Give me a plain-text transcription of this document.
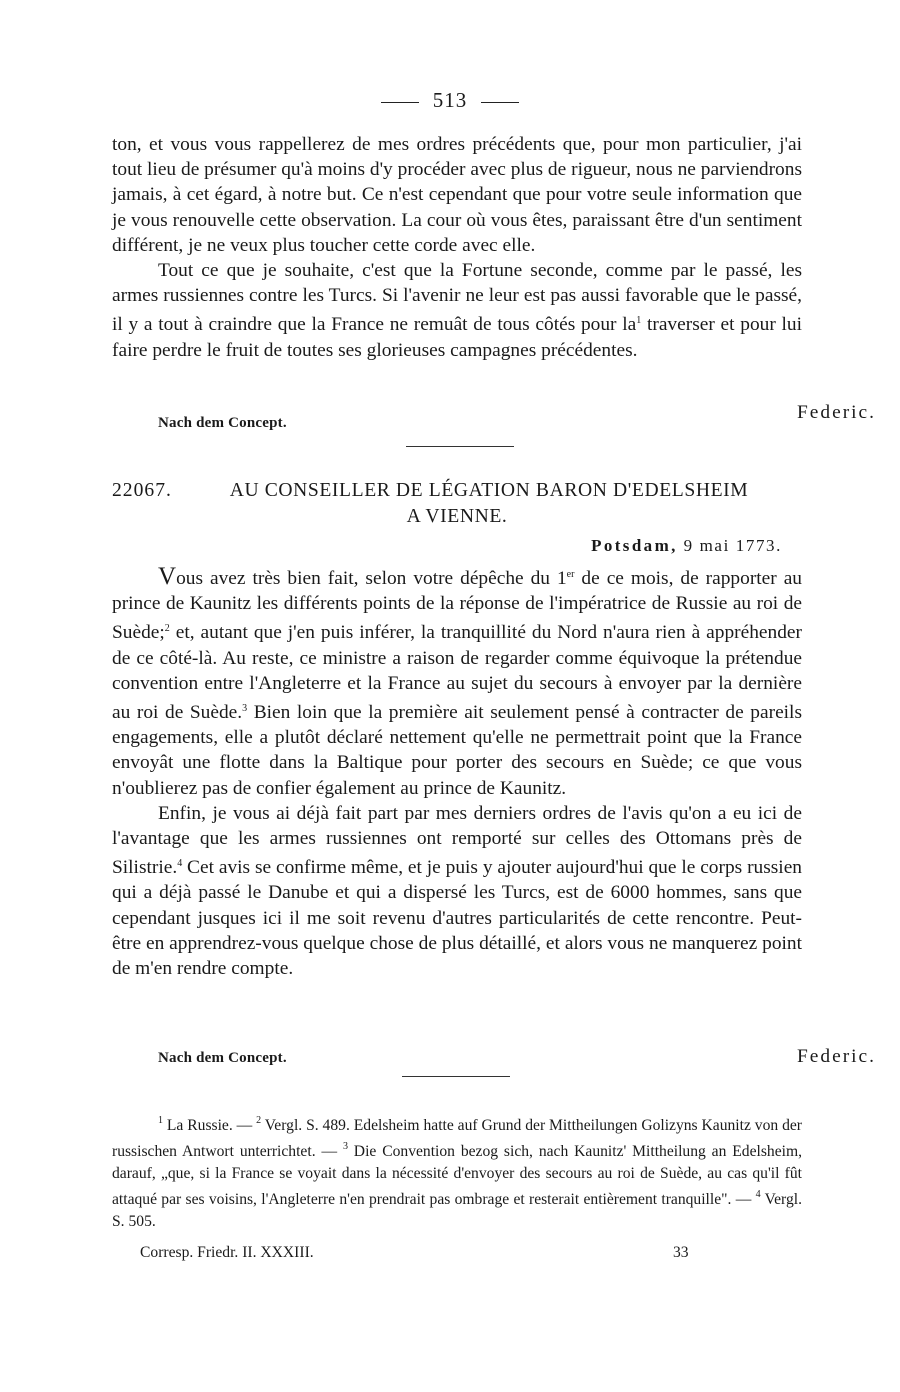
513

ton, et vous vous rappellerez de mes ordres précédents que, pour mon particulier, j'ai tout lieu de présumer qu'à moins d'y procéder avec plus de rigueur, nous ne parviendrons jamais, à cet égard, à notre but. Ce n'est cependant que pour votre seule information que je vous renouvelle cette observation. La cour où vous êtes, paraissant être d'un sentiment différent, je ne veux plus toucher cette corde avec elle.

Tout ce que je souhaite, c'est que la Fortune seconde, comme par le passé, les armes russiennes contre les Turcs. Si l'avenir ne leur est pas aussi favorable que le passé, il y a tout à craindre que la France ne remuât de tous côtés pour $la^1$ traverser et pour lui faire perdre le fruit de toutes ses glorieuses campagnes précédentes.

Federic.
Nach dem Concept.
22067.	AU CONSEILLER DE LÉGATION BARON D'EDELSHEIM
A VIENNE.
Potsdam, 9 mai 1773.

Vous avez très bien fait, selon votre dépêche du 1er de ce mois, de rapporter au prince de Kaunitz les différents points de la réponse de l'impératrice de Russie au roi de Suède;$^2$ et, autant que j'en puis inférer, la tranquillité du Nord n'aura rien à appréhender de ce côté-là. Au reste, ce ministre a raison de regarder comme équivoque la prétendue convention entre l'Angleterre et la France au sujet du secours à envoyer par la dernière au roi de Suède.$^3$ Bien loin que la première ait seulement pensé à contracter de pareils engagements, elle a plutôt déclaré nettement qu'elle ne permettrait point que la France envoyât une flotte dans la Baltique pour porter des secours en Suède; ce que vous n'oublierez pas de confier également au prince de Kaunitz.

Enfin, je vous ai déjà fait part par mes derniers ordres de l'avis qu'on a eu ici de l'avantage que les armes russiennes ont remporté sur celles des Ottomans près de Silistrie.$^4$ Cet avis se confirme même, et je puis y ajouter aujourd'hui que le corps russien qui a déjà passé le Danube et qui a dispersé les Turcs, est de 6000 hommes, sans que cependant jusques ici il me soit revenu d'autres particularités de cette rencontre. Peut-être en apprendrez-vous quelque chose de plus détaillé, et alors vous ne manquerez point de m'en rendre compte.

Nach dem Concept.	Federic.

$^1$ La Russie. — $^2$ Vergl. S. 489. Edelsheim hatte auf Grund der Mittheilungen Golizyns Kaunitz von der russischen Antwort unterrichtet. — $^3$ Die Convention bezog sich, nach Kaunitz' Mittheilung an Edelsheim, darauf, „que, si la France se voyait dans la nécessité d'envoyer des secours au roi de Suède, au cas qu'il fût attaqué par ses voisins, l'Angleterre n'en prendrait pas ombrage et resterait entièrement tranquille". — $^4$ Vergl. S. 505.

Corresp. Friedr. II. XXXIII.	33
